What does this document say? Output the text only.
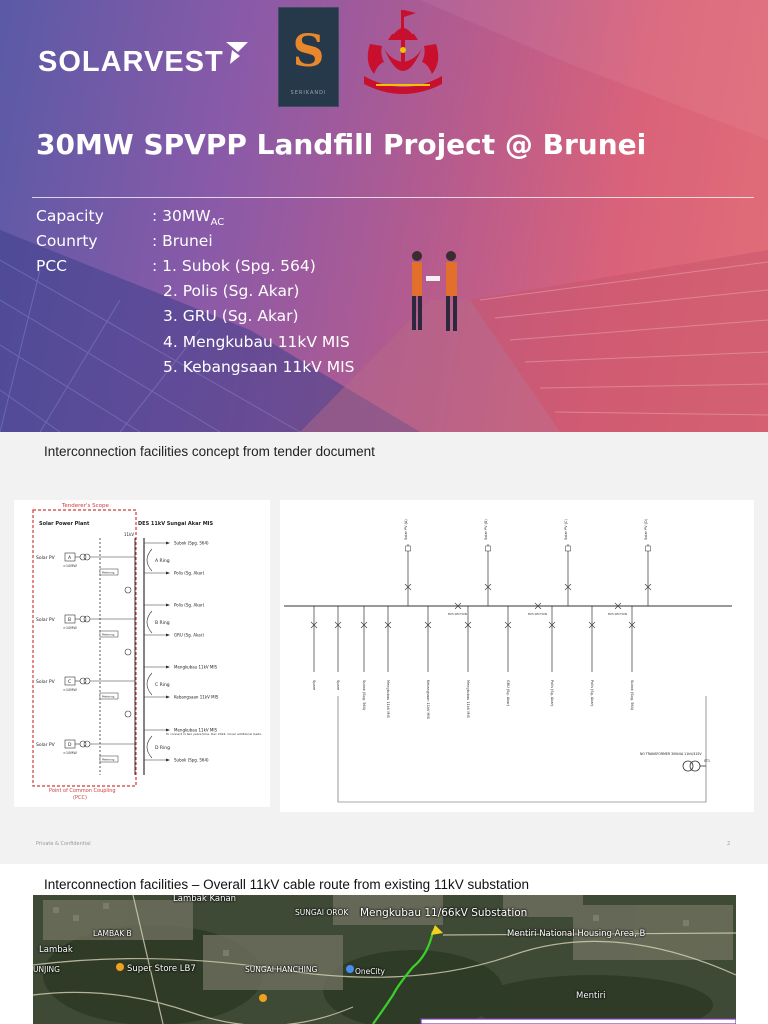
SOLARVEST	S
SERIKANDI
30MW SPVPP Landfill Project @ Brunei
Capacity	: $30MW_{AC}$
Counrty	: Brunei
PCC	: 1. Subok (Spg. 564)
2. Polis (Sg. Akar)
3. GRU (Sg. Akar)
4. Mengkubau 11kV MIS
5. Kebangsaan 11kV MIS
Interconnection facilities concept from tender document
Tenderer's Scope
Solar Power Plant	DES 11kV Sungai Akar MIS
11kV
Solar PV	A
>10MW
Metering
A Ring
Subok (Spg. 564)
Polis (Sg. Akar)
Solar PV	B
>10MW
Metering
B Ring
Polis (Sg. Akar)
GRU (Sg. Akar)
Solar PV	C
>10MW
Metering
C Ring
Mengkubau 11kV MIS
Kebangsaan 11kV MIS
Solar PV	D
>10MW
Metering
D Ring
Mengkubau 11kV MIS
Subok (Spg. 564)
To connect in two years time. Dec 2024. Cover additional loads.
Point of Common Coupling
(PCC)
Solar PV (A)	Solar PV (B)	Solar PV (C)	Solar PV (D)
BUS SECTION	BUS SECTION	BUS SECTION
Spare	Spare	Subok (Spg. 564)	Mengkubau 11kV MIS	Kebangsaan 11kV MIS	Mengkubau 11kV MIS	GRU (Sg. Akar)	Polis (Sg. Akar)	Polis (Sg. Akar)	Subok (Spg. 564)
NO TRANSFORMER 300kVA 11kV/415V
ST1
Private & Confidential	2
Interconnection facilities – Overall 11kV cable route from existing 11kV substation
Lambak Kanan
SUNGAI OROK Mengkubau 11/66kV Substation
Mentiri National Housing Area, B
LAMBAK B
Lambak
UNJING	Super Store LB7	SUNGAI HANCHING	OneCity
Mentiri
